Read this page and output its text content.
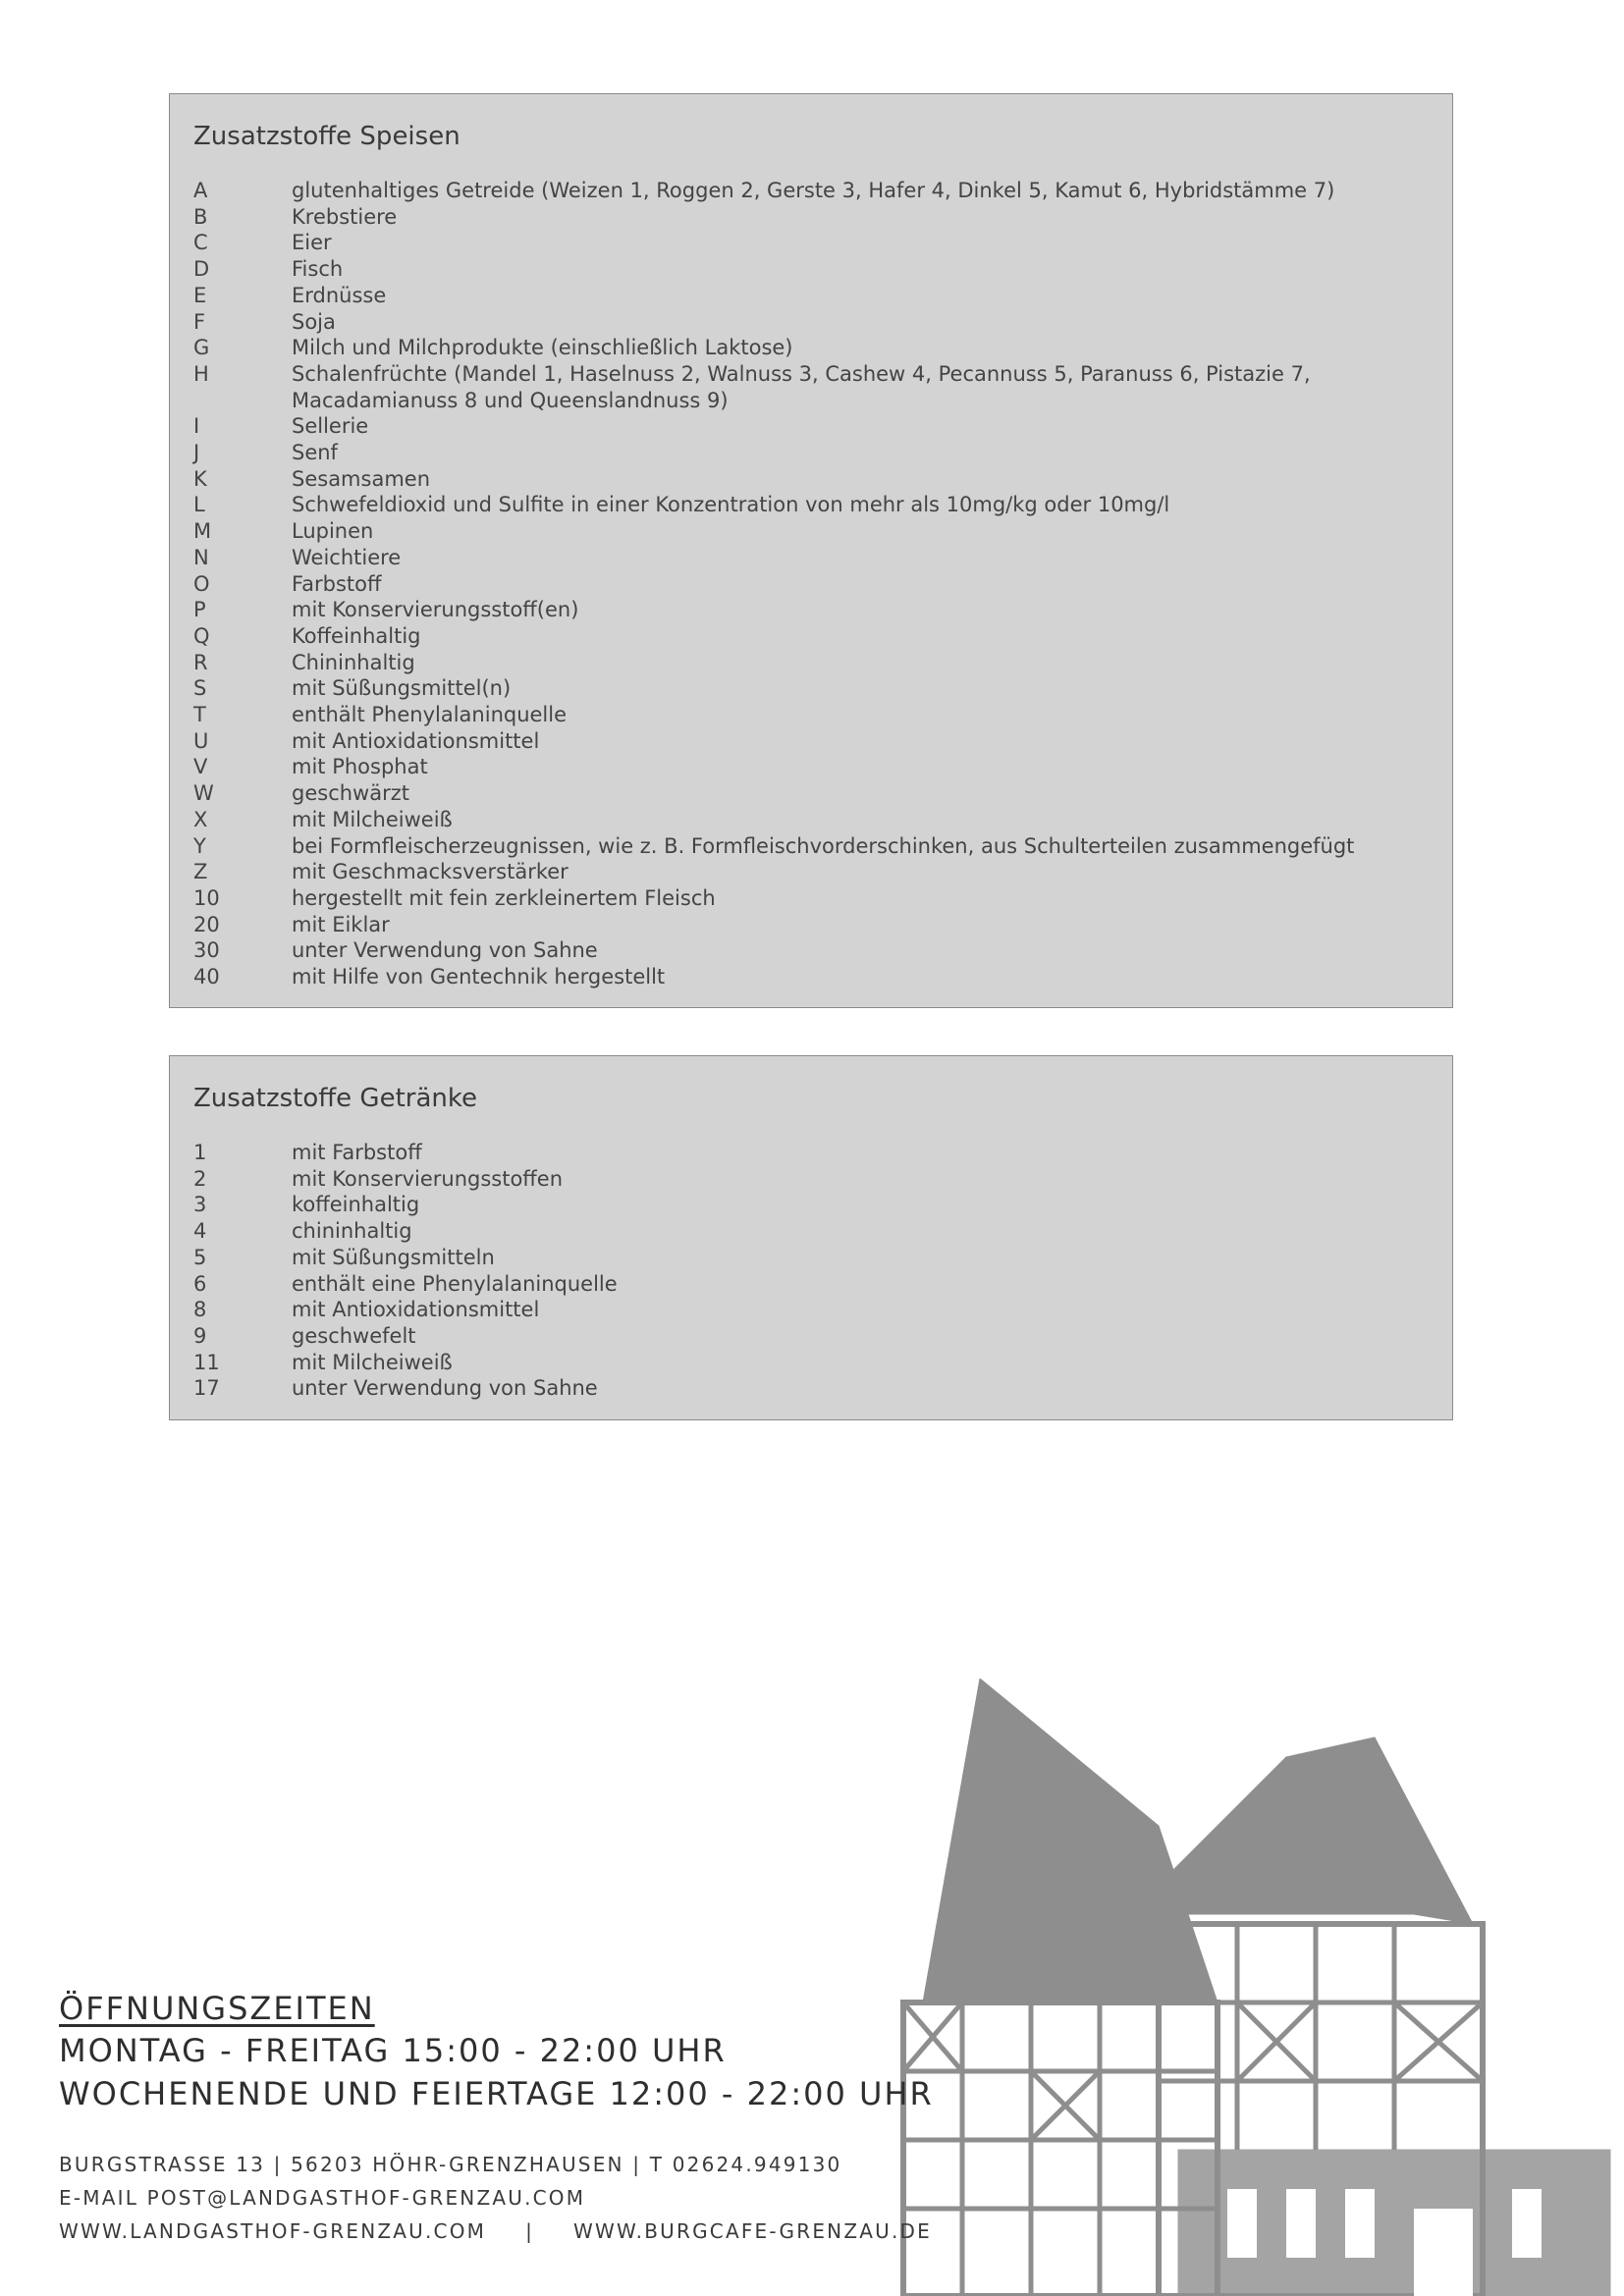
Zusatzstoffe Speisen
A	glutenhaltiges Getreide (Weizen 1, Roggen 2, Gerste 3, Hafer 4, Dinkel 5, Kamut 6, Hybridstämme 7)
B	Krebstiere
C	Eier
D	Fisch
E	Erdnüsse
F	Soja
G	Milch und Milchprodukte (einschließlich Laktose)
H	Schalenfrüchte (Mandel 1, Haselnuss 2, Walnuss 3, Cashew 4, Pecannuss 5, Paranuss 6, Pistazie 7, Macadamianuss 8 und Queenslandnuss 9)
I	Sellerie
J	Senf
K	Sesamsamen
L	Schwefeldioxid und Sulfite in einer Konzentration von mehr als 10mg/kg oder 10mg/l
M	Lupinen
N	Weichtiere
O	Farbstoff
P	mit Konservierungsstoff(en)
Q	Koffeinhaltig
R	Chininhaltig
S	mit Süßungsmittel(n)
T	enthält Phenylalaninquelle
U	mit Antioxidationsmittel
V	mit Phosphat
W	geschwärzt
X	mit Milcheiweiß
Y	bei Formfleischerzeugnissen, wie z. B. Formfleischvorderschinken, aus Schulterteilen zusammengefügt
Z	mit Geschmacksverstärker
10	hergestellt mit fein zerkleinertem Fleisch
20	mit Eiklar
30	unter Verwendung von Sahne
40	mit Hilfe von Gentechnik hergestellt
Zusatzstoffe Getränke
1	mit Farbstoff
2	mit Konservierungsstoffen
3	koffeinhaltig
4	chininhaltig
5	mit Süßungsmitteln
6	enthält eine Phenylalaninquelle
8	mit Antioxidationsmittel
9	geschwefelt
11	mit Milcheiweiß
17	unter Verwendung von Sahne
ÖFFNUNGSZEITEN
MONTAG - FREITAG 15:00 - 22:00 UHR
WOCHENENDE UND FEIERTAGE 12:00 - 22:00 UHR
BURGSTRASSE 13 | 56203 HÖHR-GRENZHAUSEN | T 02624.949130
E-MAIL POST@LANDGASTHOF-GRENZAU.COM
WWW.LANDGASTHOF-GRENZAU.COM | WWW.BURGCAFE-GRENZAU.DE
